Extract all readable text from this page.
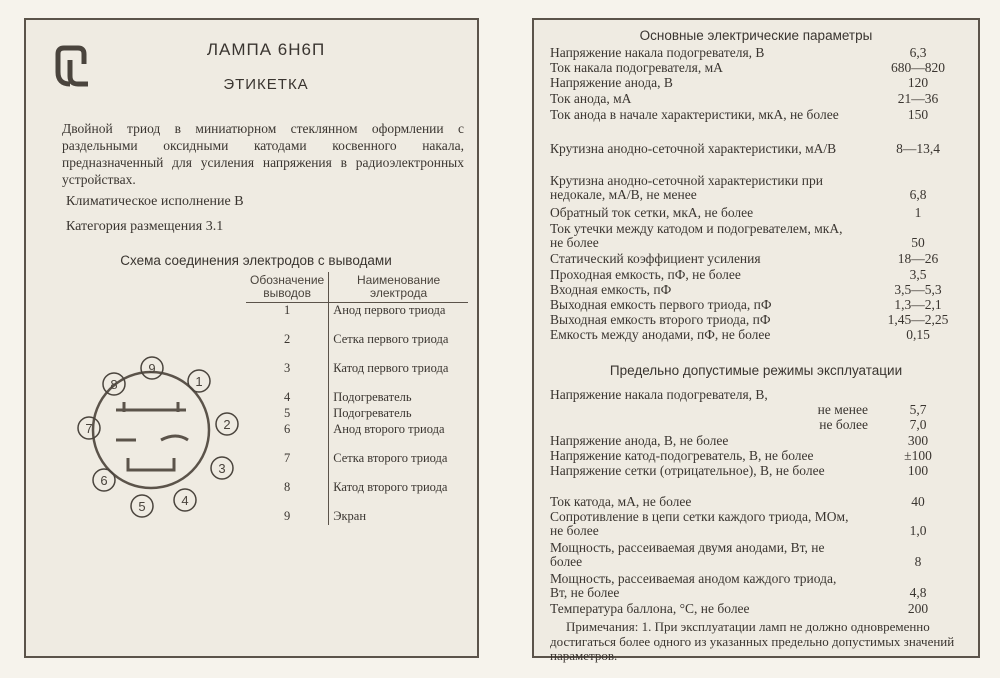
ЛАМПА 6Н6П
ЭТИКЕТКА
Двойной триод в миниатюрном стеклянном оформлении с раздельными оксидными катодами косвенного накала, предназначенный для усиления напряжения в радиоэлектронных устройствах.
Климатическое исполнение В
Категория размещения 3.1
Схема соединения электродов с выводами
Обозначение выводов	Наименование электрода
1	Анод первого триода
2	Сетка первого триода
3	Катод первого триода
4	Подогреватель
5	Подогреватель
6	Анод второго триода
7	Сетка второго триода
8	Катод второго триода
9	Экран
1
2
3
4
5
6
7
8
9
Основные электрические параметры
Напряжение накала подогревателя, В	6,3
Ток накала подогревателя, мА	680—820
Напряжение анода, В	120
Ток анода, мА	21—36
Ток анода в начале характеристики, мкА, не более	150
Крутизна анодно-сеточной характеристики, мА/В	8—13,4
Крутизна анодно-сеточной характеристики при недокале, мА/В, не менее	6,8
Обратный ток сетки, мкА, не более	1
Ток утечки между катодом и подогревателем, мкА, не более	50
Статический коэффициент усиления	18—26
Проходная емкость, пФ, не более	3,5
Входная емкость, пФ	3,5—5,3
Выходная емкость первого триода, пФ	1,3—2,1
Выходная емкость второго триода, пФ	1,45—2,25
Емкость между анодами, пФ, не более	0,15
Предельно допустимые режимы эксплуатации
Напряжение накала подогревателя, В,
не менее	5,7
не более	7,0
Напряжение анода, В, не более	300
Напряжение катод-подогреватель, В, не более	±100
Напряжение сетки (отрицательное), В, не более	100
Ток катода, мА, не более	40
Сопротивление в цепи сетки каждого триода, МОм, не более	1,0
Мощность, рассеиваемая двумя анодами, Вт, не более	8
Мощность, рассеиваемая анодом каждого триода, Вт, не более	4,8
Температура баллона, °С, не более	200
Примечания: 1. При эксплуатации ламп не должно одновременно достигаться более одного из указанных предельно допустимых значений параметров.
